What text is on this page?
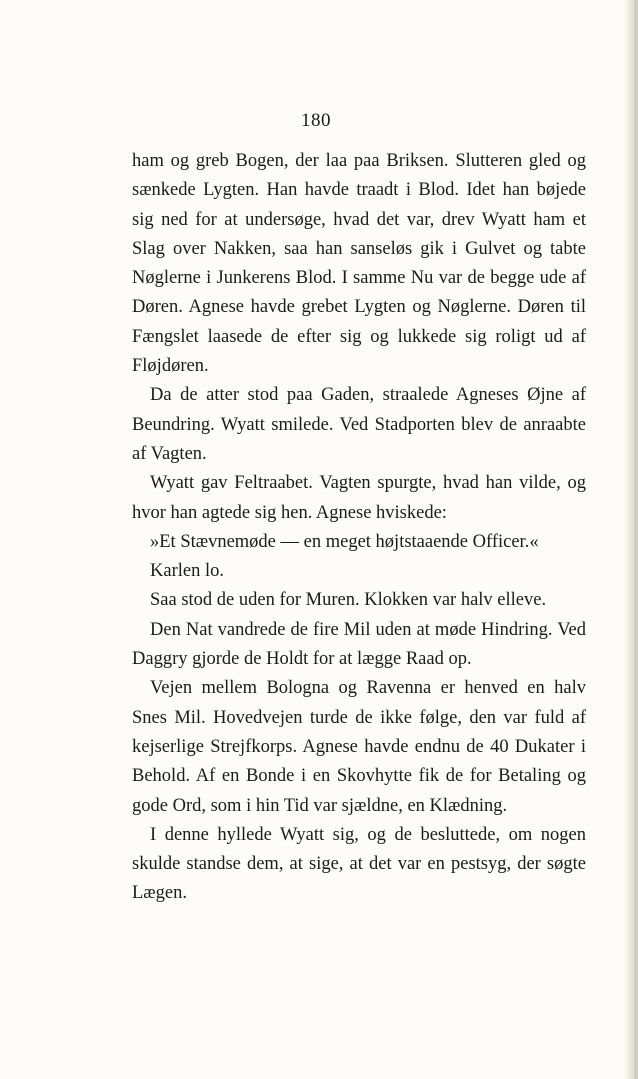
180

ham og greb Bogen, der laa paa Briksen. Slutteren gled og sænkede Lygten. Han havde traadt i Blod. Idet han bøjede sig ned for at undersøge, hvad det var, drev Wyatt ham et Slag over Nakken, saa han sanseløs gik i Gulvet og tabte Nøglerne i Junkerens Blod. I samme Nu var de begge ude af Døren. Agnese havde grebet Lygten og Nøglerne. Døren til Fængslet laasede de efter sig og lukkede sig roligt ud af Fløjdøren.

Da de atter stod paa Gaden, straalede Agneses Øjne af Beundring. Wyatt smilede. Ved Stadporten blev de anraabte af Vagten.

Wyatt gav Feltraabet. Vagten spurgte, hvad han vilde, og hvor han agtede sig hen. Agnese hviskede:

»Et Stævnemøde — en meget højtstaaende Officer.«

Karlen lo.

Saa stod de uden for Muren. Klokken var halv elleve.

Den Nat vandrede de fire Mil uden at møde Hindring. Ved Daggry gjorde de Holdt for at lægge Raad op.

Vejen mellem Bologna og Ravenna er henved en halv Snes Mil. Hovedvejen turde de ikke følge, den var fuld af kejserlige Strejfkorps. Agnese havde endnu de 40 Dukater i Behold. Af en Bonde i en Skovhytte fik de for Betaling og gode Ord, som i hin Tid var sjældne, en Klædning.

I denne hyllede Wyatt sig, og de besluttede, om nogen skulde standse dem, at sige, at det var en pestsyg, der søgte Lægen.
